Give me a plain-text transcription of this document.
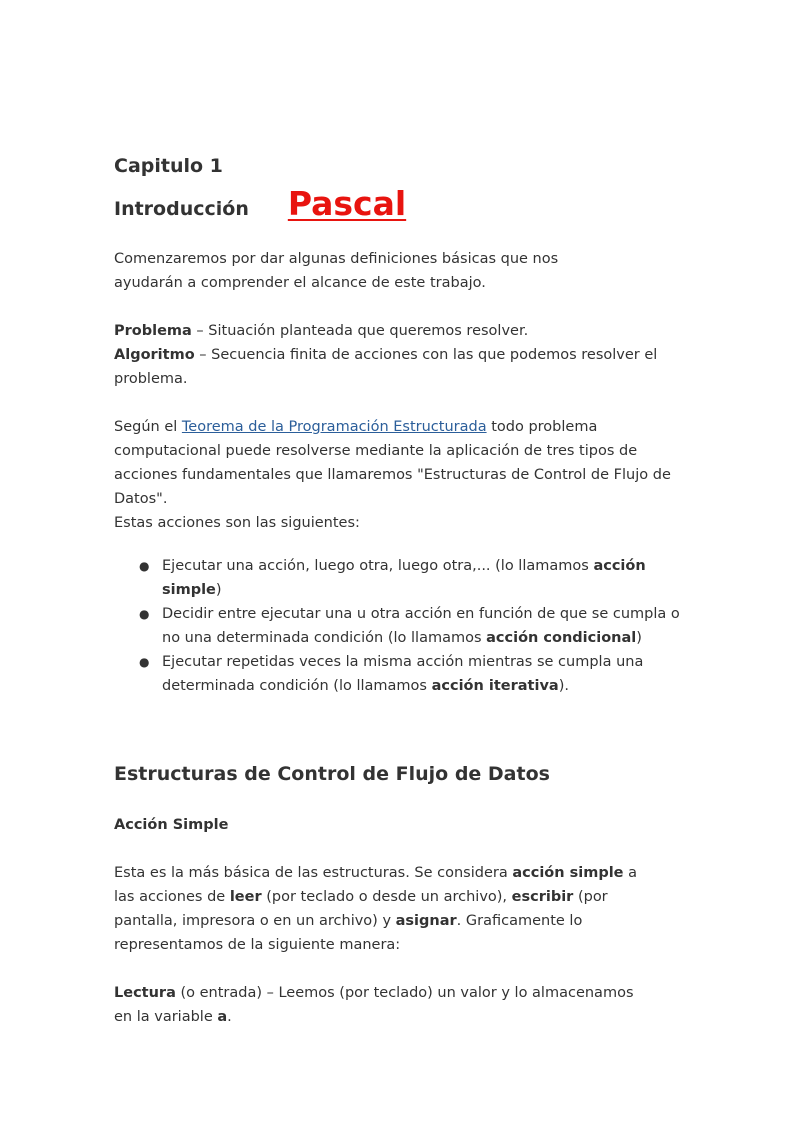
Pascal
Capitulo 1
Introducción

Comenzaremos por dar algunas definiciones básicas que nos ayudarán a comprender el alcance de este trabajo.

Problema – Situación planteada que queremos resolver.
Algoritmo – Secuencia finita de acciones con las que podemos resolver el problema.

Según el Teorema de la Programación Estructurada todo problema computacional puede resolverse mediante la aplicación de tres tipos de acciones fundamentales que llamaremos "Estructuras de Control de Flujo de Datos".

Estas acciones son las siguientes:

● Ejecutar una acción, luego otra, luego otra,... (lo llamamos acción simple)
● Decidir entre ejecutar una u otra acción en función de que se cumpla o no una determinada condición (lo llamamos acción condicional)
● Ejecutar repetidas veces la misma acción mientras se cumpla una determinada condición (lo llamamos acción iterativa).
Estructuras de Control de Flujo de Datos
Acción Simple

Esta es la más básica de las estructuras. Se considera acción simple a las acciones de leer (por teclado o desde un archivo), escribir (por pantalla, impresora o en un archivo) y asignar. Graficamente lo representamos de la siguiente manera:

Lectura (o entrada) – Leemos (por teclado) un valor y lo almacenamos en la variable a.
